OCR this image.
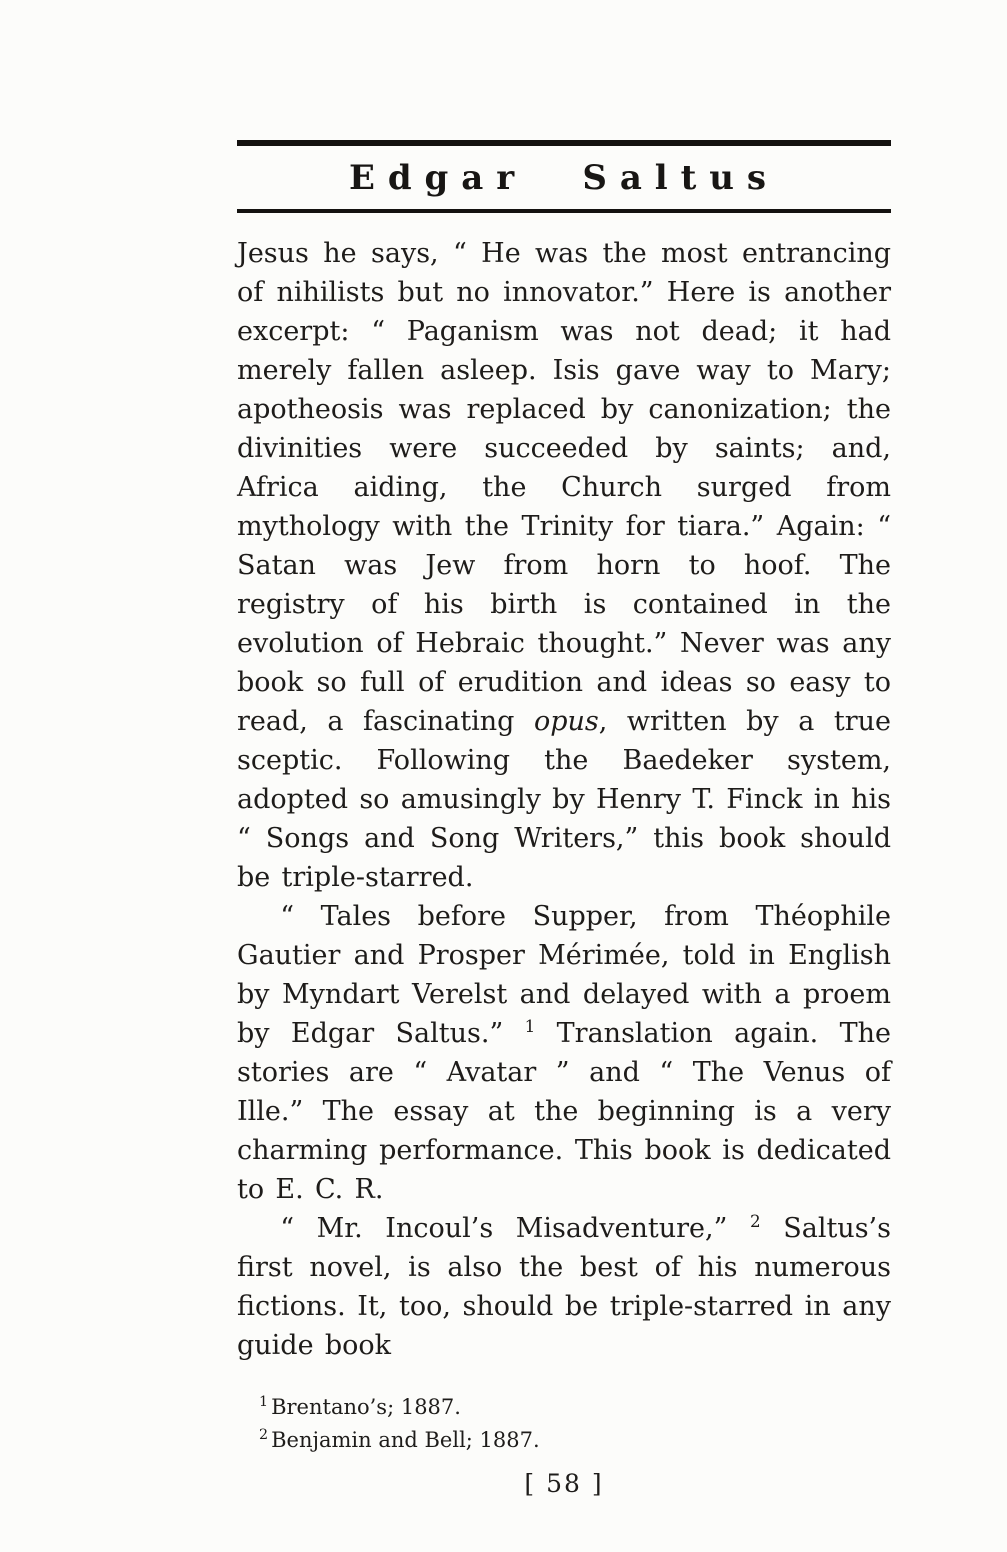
Edgar Saltus

Jesus he says, “ He was the most entrancing of nihilists but no innovator.” Here is another excerpt: “ Paganism was not dead; it had merely fallen asleep. Isis gave way to Mary; apotheosis was replaced by canonization; the divinities were succeeded by saints; and, Africa aiding, the Church surged from mythology with the Trinity for tiara.” Again: “ Satan was Jew from horn to hoof. The registry of his birth is contained in the evolution of Hebraic thought.” Never was any book so full of erudition and ideas so easy to read, a fascinating opus, written by a true sceptic. Following the Baedeker system, adopted so amusingly by Henry T. Finck in his “ Songs and Song Writers,” this book should be triple-starred.

“ Tales before Supper, from Théophile Gautier and Prosper Mérimée, told in English by Myndart Verelst and delayed with a proem by Edgar Saltus.” $^1$ Translation again. The stories are “ Avatar ” and “ The Venus of Ille.” The essay at the beginning is a very charming performance. This book is dedicated to E. C. R.

“ Mr. Incoul’s Misadventure,” $^2$ Saltus’s first novel, is also the best of his numerous fictions. It, too, should be triple-starred in any guide book

$^1$ Brentano’s; 1887.

$^2$ Benjamin and Bell; 1887.

[ 58 ]
